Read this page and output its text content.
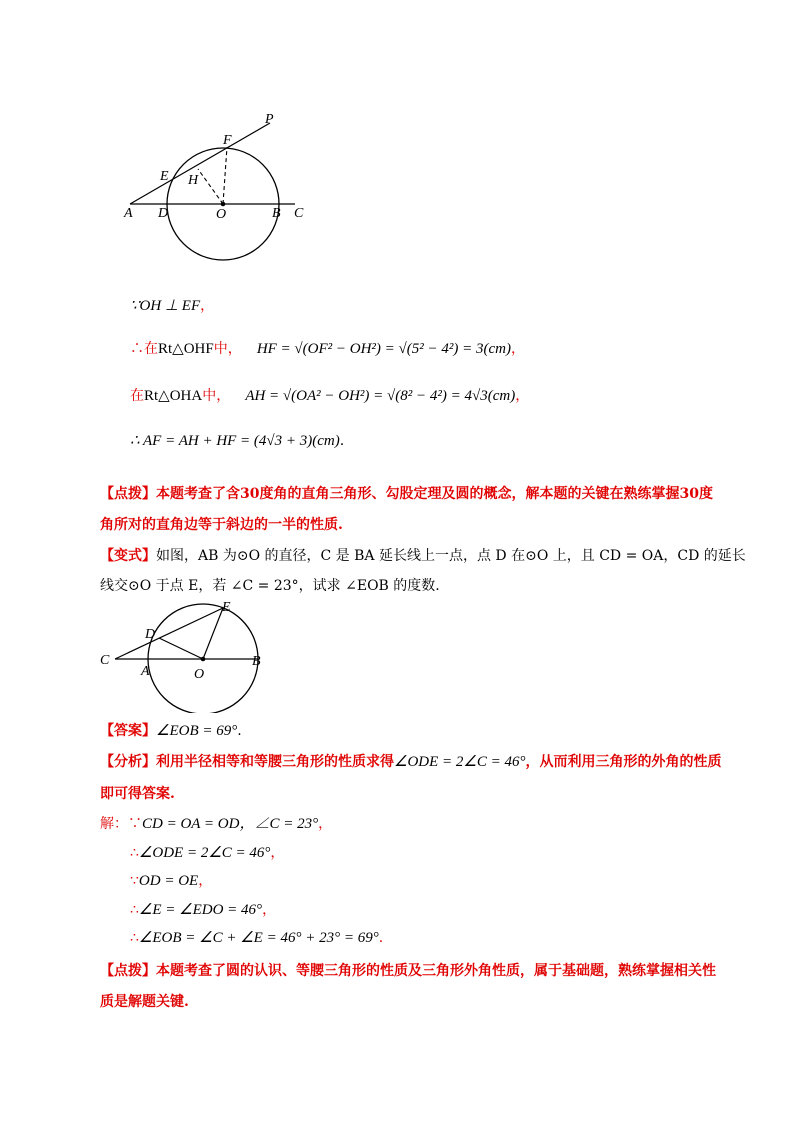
A D	O	B C
E H
F
P
∵OH ⊥ EF，
∴在Rt△OHF中， HF = √(OF² − OH²) = √(5² − 4²) = 3(cm)，
在Rt△OHA中， AH = √(OA² − OH²) = √(8² − 4²) = 4√3(cm)，
∴ AF = AH + HF = (4√3 + 3)(cm).
【点拨】本题考查了含30度角的直角三角形、勾股定理及圆的概念，解本题的关键在熟练掌握30度
角所对的直角边等于斜边的一半的性质.
【变式】如图，AB 为⊙O 的直径，C 是 BA 延长线上一点，点 D 在⊙O 上，且 CD = OA，CD 的延长
线交⊙O 于点 E，若 ∠C = 23°，试求 ∠EOB 的度数.
C
A	O
B
D
E
【答案】∠EOB = 69°.
【分析】利用半径相等和等腰三角形的性质求得∠ODE = 2∠C = 46°，从而利用三角形的外角的性质
即可得答案.
解：∵CD = OA = OD，∠C = 23°，
∴∠ODE = 2∠C = 46°，
∵OD = OE，
∴∠E = ∠EDO = 46°，
∴∠EOB = ∠C + ∠E = 46° + 23° = 69°.
【点拨】本题考查了圆的认识、等腰三角形的性质及三角形外角性质，属于基础题，熟练掌握相关性
质是解题关键.
